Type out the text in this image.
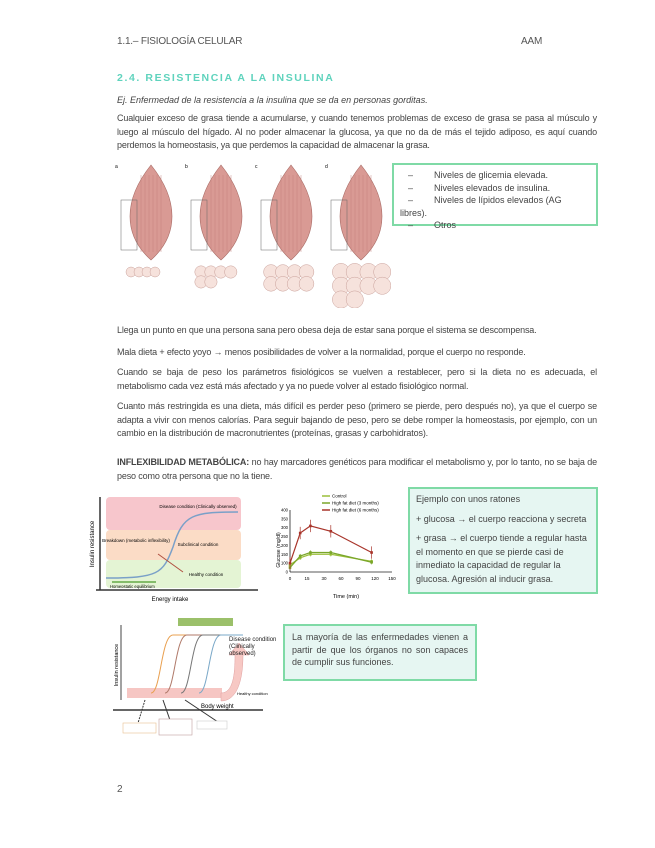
1.1.– FISIOLOGÍA CELULAR	AAM
2.4. RESISTENCIA A LA INSULINA
Ej. Enfermedad de la resistencia a la insulina que se da en personas gorditas.
Cualquier exceso de grasa tiende a acumularse, y cuando tenemos problemas de exceso de grasa se pasa al músculo y luego al músculo del hígado. Al no poder almacenar la glucosa, ya que no da de más el tejido adiposo, es aquí cuando perdemos la homeostasis, ya que perdemos la capacidad de almacenar la grasa.
a	b	c	d
– Niveles de glicemia elevada.
– Niveles elevados de insulina.
– Niveles de lípidos elevados (AG libres).
– Otros
Llega un punto en que una persona sana pero obesa deja de estar sana porque el sistema se descompensa.
Mala dieta + efecto yoyo → menos posibilidades de volver a la normalidad, porque el cuerpo no responde.
Cuando se baja de peso los parámetros fisiológicos se vuelven a restablecer, pero si la dieta no es adecuada, el metabolismo cada vez está más afectado y ya no puede volver al estado fisiológico normal.
Cuanto más restringida es una dieta, más difícil es perder peso (primero se pierde, pero después no), ya que el cuerpo se adapta a vivir con menos calorías. Para seguir bajando de peso, pero se debe romper la homeostasis, por ejemplo, con un cambio en la distribución de macronutrientes (proteínas, grasas y carbohidratos).
INFLEXIBILIDAD METABÓLICA: no hay marcadores genéticos para modificar el metabolismo y, por lo tanto, no se baja de peso como otra persona que no la tiene.
Disease condition (Clinically observed)
Subclinical condition
Healthy condition
Breakdown (metabolic inflexibility)
Homeostatic equilibrium
Energy intake
Insulin resistance
0	15	30	60	90 120 150
0
100
150
200
250
300
350
400
Control
High fat diet (3 months)
High fat diet (6 months)
Time (min)
Glucose (mg/dl)
Ejemplo con unos ratones
+ glucosa → el cuerpo reacciona y secreta
+ grasa → el cuerpo tiende a regular hasta el momento en que se pierde casi de inmediato la capacidad de regular la glucosa. Agresión al inducir grasa.
Healthy condition
Body weight
Insulin resistance
Disease condition (Clinically observed)
La mayoría de las enfermedades vienen a partir de que los órganos no son capaces de cumplir sus funciones.
2
